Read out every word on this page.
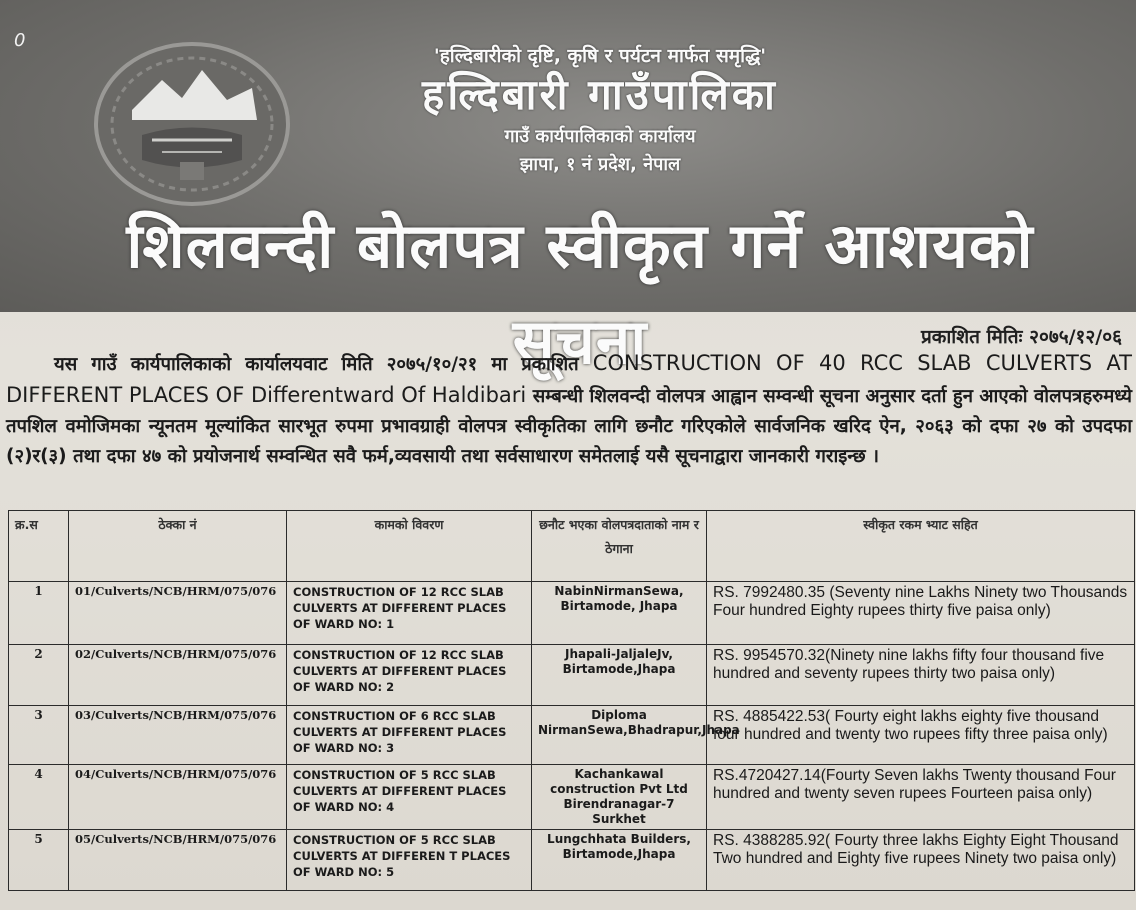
0
'हल्दिबारीको दृष्टि, कृषि र पर्यटन मार्फत समृद्धि'
हल्दिबारी गाउँपालिका
गाउँ कार्यपालिकाको कार्यालय
झापा, १ नं प्रदेश, नेपाल
शिलवन्दी बोलपत्र स्वीकृत गर्ने आशयको सूचना	प्रकाशित मितिः २०७५/१२/०६
यस गाउँ कार्यपालिकाको कार्यालयवाट मिति २०७५/१०/२१ मा प्रकाशित CONSTRUCTION OF 40 RCC SLAB CULVERTS AT DIFFERENT PLACES OF Differentward Of Haldibari सम्बन्धी शिलवन्दी वोलपत्र आह्वान सम्वन्धी सूचना अनुसार दर्ता हुन आएको वोलपत्रहरुमध्ये तपशिल वमोजिमका न्यूनतम मूल्यांकित सारभूत रुपमा प्रभावग्राही वोलपत्र स्वीकृतिका लागि छनौट गरिएकोले सार्वजनिक खरिद ऐन, २०६३ को दफा २७ को उपदफा (२)र(३) तथा दफा ४७ को प्रयोजनार्थ सम्वन्धित सवै फर्म,व्यवसायी तथा सर्वसाधारण समेतलाई यसै सूचनाद्वारा जानकारी गराइन्छ ।
क्र.स	ठेक्का नं	कामको विवरण	छनौट भएका वोलपत्रदाताको नाम र ठेगाना	स्वीकृत रकम भ्याट सहित
1	01/Culverts/NCB/HRM/075/076	CONSTRUCTION OF 12 RCC SLAB CULVERTS AT DIFFERENT PLACES OF WARD NO: 1	NabinNirmanSewa, Birtamode, Jhapa	RS. 7992480.35 (Seventy nine Lakhs Ninety two Thousands Four hundred Eighty rupees thirty five paisa only)
2	02/Culverts/NCB/HRM/075/076	CONSTRUCTION OF 12 RCC SLAB CULVERTS AT DIFFERENT PLACES OF WARD NO: 2	Jhapali-JaljaleJv, Birtamode,Jhapa	RS. 9954570.32(Ninety nine lakhs fifty four thousand five hundred and seventy rupees thirty two paisa only)
3	03/Culverts/NCB/HRM/075/076	CONSTRUCTION OF 6 RCC SLAB CULVERTS AT DIFFERENT PLACES OF WARD NO: 3	Diploma NirmanSewa,Bhadrapur,Jhapa	RS. 4885422.53( Fourty eight lakhs eighty five thousand four hundred and twenty two rupees fifty three paisa only)
4	04/Culverts/NCB/HRM/075/076	CONSTRUCTION OF 5 RCC SLAB CULVERTS AT DIFFERENT PLACES OF WARD NO: 4	Kachankawal construction Pvt Ltd Birendranagar-7 Surkhet	RS.4720427.14(Fourty Seven lakhs Twenty thousand Four hundred and twenty seven rupees Fourteen paisa only)
5	05/Culverts/NCB/HRM/075/076	CONSTRUCTION OF 5 RCC SLAB CULVERTS AT DIFFEREN T PLACES OF WARD NO: 5	Lungchhata Builders, Birtamode,Jhapa	RS. 4388285.92( Fourty three lakhs Eighty Eight Thousand Two hundred and Eighty five rupees Ninety two paisa only)
